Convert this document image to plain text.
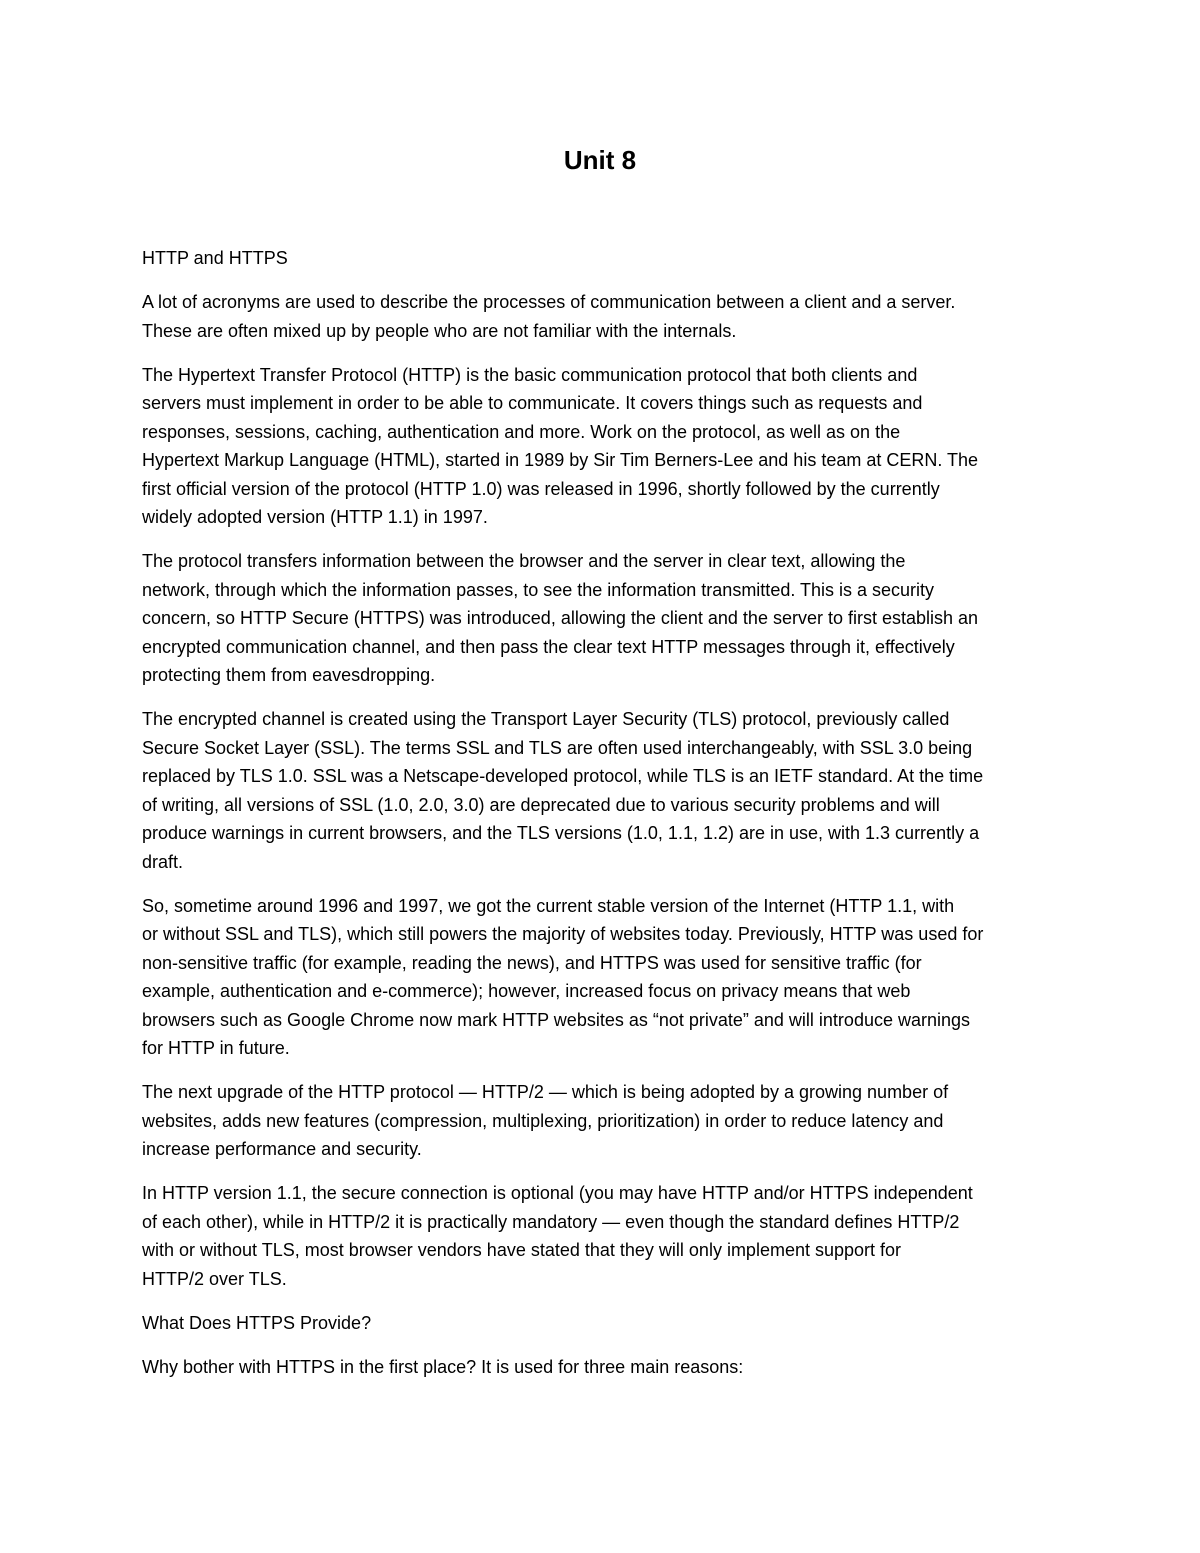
Unit 8

HTTP and HTTPS

A lot of acronyms are used to describe the processes of communication between a client and a server.
These are often mixed up by people who are not familiar with the internals.

The Hypertext Transfer Protocol (HTTP) is the basic communication protocol that both clients and
servers must implement in order to be able to communicate. It covers things such as requests and
responses, sessions, caching, authentication and more. Work on the protocol, as well as on the
Hypertext Markup Language (HTML), started in 1989 by Sir Tim Berners-Lee and his team at CERN. The
first official version of the protocol (HTTP 1.0) was released in 1996, shortly followed by the currently
widely adopted version (HTTP 1.1) in 1997.

The protocol transfers information between the browser and the server in clear text, allowing the
network, through which the information passes, to see the information transmitted. This is a security
concern, so HTTP Secure (HTTPS) was introduced, allowing the client and the server to first establish an
encrypted communication channel, and then pass the clear text HTTP messages through it, effectively
protecting them from eavesdropping.

The encrypted channel is created using the Transport Layer Security (TLS) protocol, previously called
Secure Socket Layer (SSL). The terms SSL and TLS are often used interchangeably, with SSL 3.0 being
replaced by TLS 1.0. SSL was a Netscape-developed protocol, while TLS is an IETF standard. At the time
of writing, all versions of SSL (1.0, 2.0, 3.0) are deprecated due to various security problems and will
produce warnings in current browsers, and the TLS versions (1.0, 1.1, 1.2) are in use, with 1.3 currently a
draft.

So, sometime around 1996 and 1997, we got the current stable version of the Internet (HTTP 1.1, with
or without SSL and TLS), which still powers the majority of websites today. Previously, HTTP was used for
non-sensitive traffic (for example, reading the news), and HTTPS was used for sensitive traffic (for
example, authentication and e-commerce); however, increased focus on privacy means that web
browsers such as Google Chrome now mark HTTP websites as “not private” and will introduce warnings
for HTTP in future.

The next upgrade of the HTTP protocol — HTTP/2 — which is being adopted by a growing number of
websites, adds new features (compression, multiplexing, prioritization) in order to reduce latency and
increase performance and security.

In HTTP version 1.1, the secure connection is optional (you may have HTTP and/or HTTPS independent
of each other), while in HTTP/2 it is practically mandatory — even though the standard defines HTTP/2
with or without TLS, most browser vendors have stated that they will only implement support for
HTTP/2 over TLS.

What Does HTTPS Provide?

Why bother with HTTPS in the first place? It is used for three main reasons:
